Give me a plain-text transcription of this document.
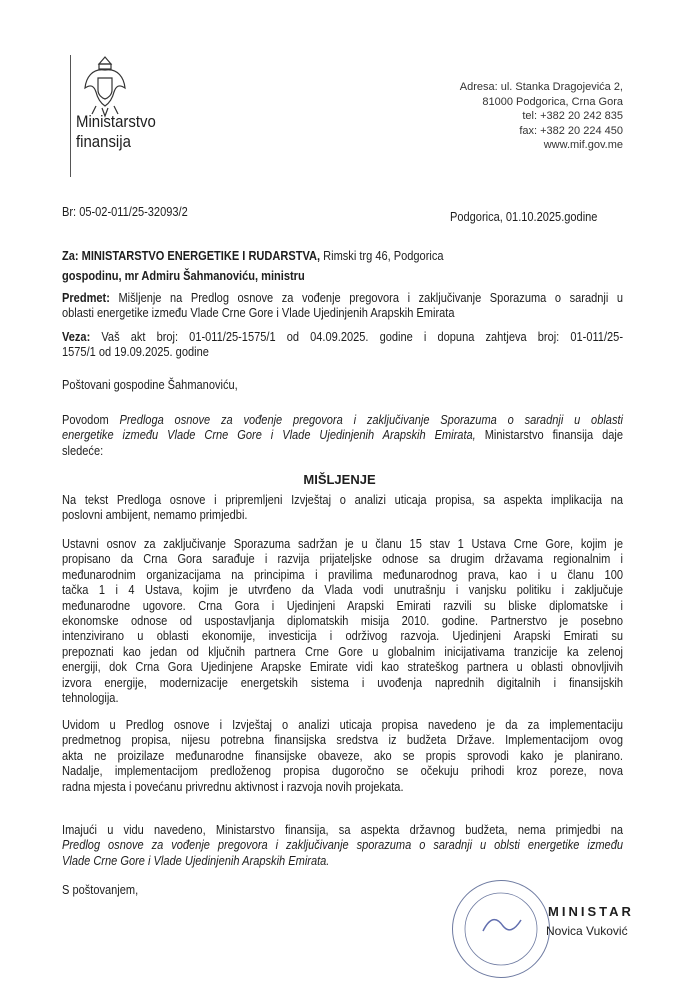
Ministarstvo
finansija
Adresa: ul. Stanka Dragojevića 2,
81000 Podgorica, Crna Gora
tel: +382 20 242 835
fax: +382 20 224 450
www.mif.gov.me
Br: 05-02-011/25-32093/2	Podgorica, 01.10.2025.godine
Za: MINISTARSTVO ENERGETIKE I RUDARSTVA, Rimski trg 46, Podgorica
gospodinu, mr Admiru Šahmanoviću, ministru
Predmet: Mišljenje na Predlog osnove za vođenje pregovora i zaključivanje Sporazuma o saradnji u
oblasti energetike između Vlade Crne Gore i Vlade Ujedinjenih Arapskih Emirata
Veza: Vaš akt broj: 01-011/25-1575/1 od 04.09.2025. godine i dopuna zahtjeva broj: 01-011/25-
1575/1 od 19.09.2025. godine
Poštovani gospodine Šahmanoviću,
Povodom Predloga osnove za vođenje pregovora i zaključivanje Sporazuma o saradnji u oblasti
energetike između Vlade Crne Gore i Vlade Ujedinjenih Arapskih Emirata, Ministarstvo finansija daje
sledeće:
MIŠLJENJE
Na tekst Predloga osnove i pripremljeni Izvještaj o analizi uticaja propisa, sa aspekta implikacija na
poslovni ambijent, nemamo primjedbi.
Ustavni osnov za zaključivanje Sporazuma sadržan je u članu 15 stav 1 Ustava Crne Gore, kojim je
propisano da Crna Gora sarađuje i razvija prijateljske odnose sa drugim državama regionalnim i
međunarodnim organizacijama na principima i pravilima međunarodnog prava, kao i u članu 100
tačka 1 i 4 Ustava, kojim je utvrđeno da Vlada vodi unutrašnju i vanjsku politiku i zaključuje
međunarodne ugovore. Crna Gora i Ujedinjeni Arapski Emirati razvili su bliske diplomatske i
ekonomske odnose od uspostavljanja diplomatskih misija 2010. godine. Partnerstvo je posebno
intenzivirano u oblasti ekonomije, investicija i održivog razvoja. Ujedinjeni Arapski Emirati su
prepoznati kao jedan od ključnih partnera Crne Gore u globalnim inicijativama tranzicije ka zelenoj
energiji, dok Crna Gora Ujedinjene Arapske Emirate vidi kao strateškog partnera u oblasti obnovljivih
izvora energije, modernizacije energetskih sistema i uvođenja naprednih digitalnih i finansijskih
tehnologija.
Uvidom u Predlog osnove i Izvještaj o analizi uticaja propisa navedeno je da za implementaciju
predmetnog propisa, nijesu potrebna finansijska sredstva iz budžeta Države. Implementacijom ovog
akta ne proizilaze međunarodne finansijske obaveze, ako se propis sprovodi kako je planirano.
Nadalje, implementacijom predloženog propisa dugoročno se očekuju prihodi kroz poreze, nova
radna mjesta i povećanu privrednu aktivnost i razvoja novih projekata.
Imajući u vidu navedeno, Ministarstvo finansija, sa aspekta državnog budžeta, nema primjedbi na
Predlog osnove za vođenje pregovora i zaključivanje sporazuma o saradnji u oblsti energetike između
Vlade Crne Gore i Vlade Ujedinjenih Arapskih Emirata.
S poštovanjem,
MINISTAR
Novica Vuković
